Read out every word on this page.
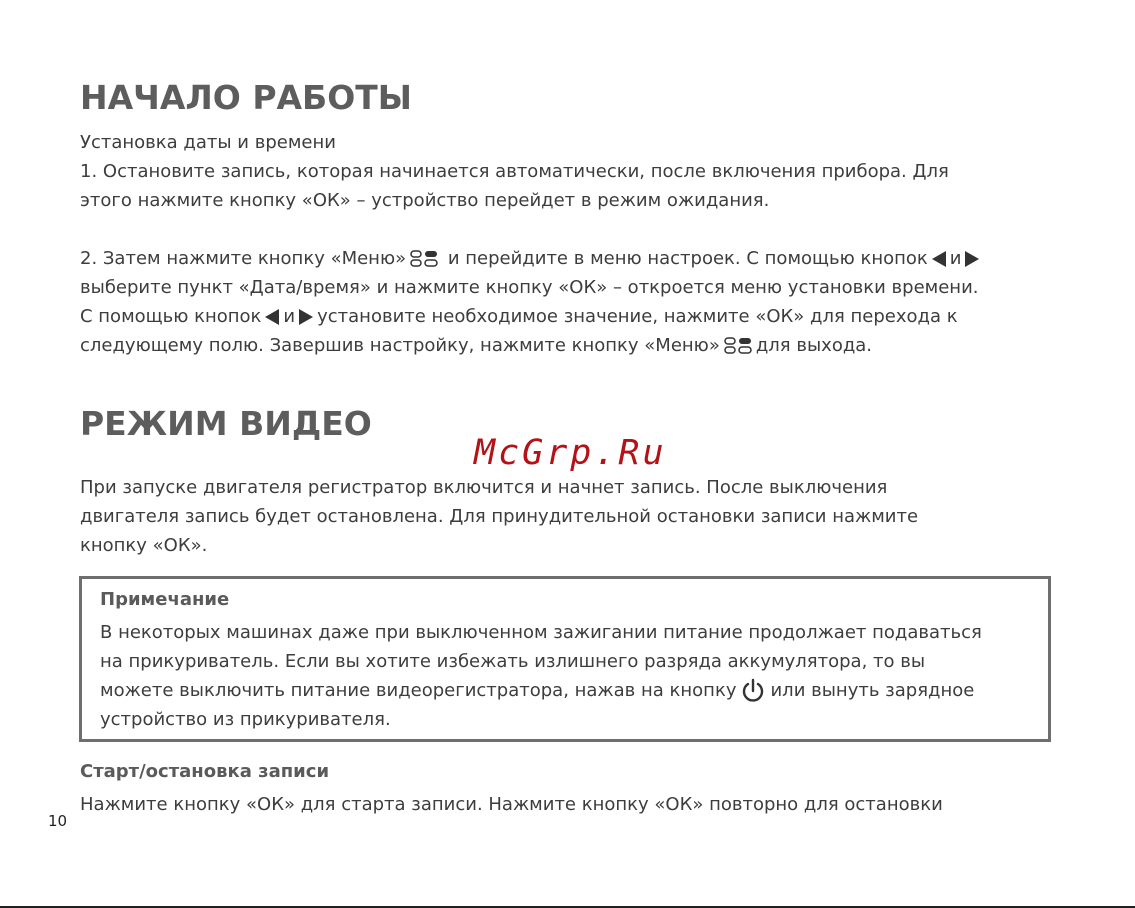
НАЧАЛО РАБОТЫ
Установка даты и времени
1. Остановите запись, которая начинается автоматически, после включения прибора. Для
этого нажмите кнопку «ОК» – устройство перейдет в режим ожидания.
2. Затем нажмите кнопку «Меню» и перейдите в меню настроек. С помощью кнопок и
выберите пункт «Дата/время» и нажмите кнопку «ОК» – откроется меню установки времени.
С помощью кнопок и установите необходимое значение, нажмите «ОК» для перехода к
следующему полю. Завершив настройку, нажмите кнопку «Меню» для выхода.
РЕЖИМ ВИДЕО
McGrp.Ru
При запуске двигателя регистратор включится и начнет запись. После выключения
двигателя запись будет остановлена. Для принудительной остановки записи нажмите
кнопку «ОК».
Примечание
В некоторых машинах даже при выключенном зажигании питание продолжает подаваться
на прикуриватель. Если вы хотите избежать излишнего разряда аккумулятора, то вы
можете выключить питание видеорегистратора, нажав на кнопку или вынуть зарядное
устройство из прикуривателя.
Старт/остановка записи
Нажмите кнопку «ОК» для старта записи. Нажмите кнопку «ОК» повторно для остановки
10
